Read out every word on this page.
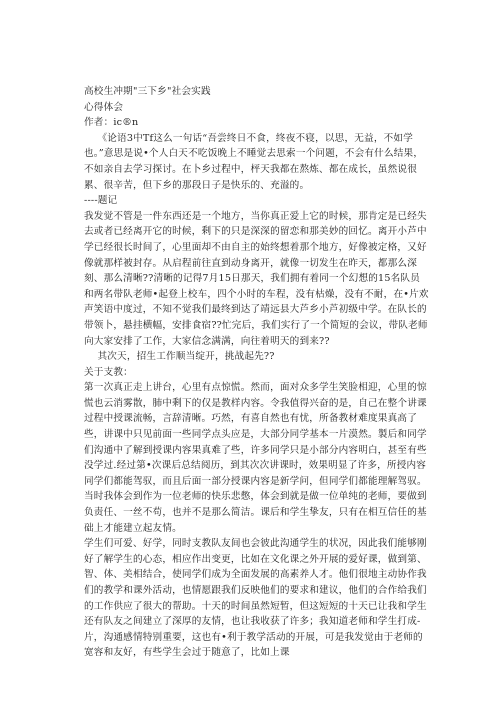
高校生冲期"三下乡"社会实践

心得体会

作者：ic®n

《论语3中Tf这么一句话“吾尝终日不食，终夜不寝，以思，无益，不如学也。”意思是说•个人白天不吃饭晚上不睡觉去思索一个问题，不会有什么结果，不如亲自去学习探讨。在卜乡过程中，枰天我都在熬炼、都在成长，虽然说很累、很辛苦，但下乡的那段日子是快乐的、充溢的。

----题记

我发觉不管是一件东西还是一个地方，当你真正爱上它的时候，那肯定是已经失去或者已经离开它的时候，剩下的只是深深的留恋和那美妙的回忆。离开小芦中学已经很长时间了，心里面却不由自主的始终想着那个地方，好像被定格，又好像就那样被封存。从启程前往直到动身离开，就像一切发生在昨天，都那么深刻、那么清晰??清晰的记得7月15日那天，我们拥有着同一个幻想的15名队员和两名带队老师•起登上校车，四个小时的车程，没有枯燥，没有不耐，在•片欢声笑语中度过，不知不觉我们最终到达了靖远县大芦乡小芦初级中学。在队长的带领卜，悬挂横幅，安排食宿??忙完后，我们实行了一个简短的会议，带队老师向大家安排了工作，大家信念满满，向往着明天的到来??

其次天，招生工作顺当绽开，挑战起先??

关于支教：

第一次真正走上讲台，心里有点惊慌。然而，面对众多学生笑脸相迎，心里的惊慌也云消雾散，肺中剩下的仅是教样内容。令我值得兴奋的是，自己在整个讲课过程中授课流畅，言辞清晰。巧然，有喜自然也有忧，所备教材难度果真高了些，讲课中只见前面一些同学点头应是，大部分同学基本一片漠然。製后和同学们沟通中了解到授课内容果真难了些，许多同学只是小部分内容明白，甚至有些没学过.经过第•次课后总结阅历，到其次次讲课时，效果明显了许多，所授内容同学们都能驾驭，而且后面一部分授课内容是新学问，但同学们都能理解驾驭。当时我体会到作为一位老师的快乐悲憋，体会到就是做一位单纯的老师，要做到负责任、一丝不苟，也并不是那么简洁。课后和学生挚友，只有在相互信任的基础上才能建立起友情。

学生们可爱、好学，同时支教队友间也会彼此沟通学生的状况，因此我们能够刚好了解学生的心态，相应作出变更，比如在文化课之外开展的爱好课，做到第、智、体、美相结合，使同学们成为全面发展的高素养人才。他们很地主动协作我们的教学和课外活动，也情愿跟我们反映他们的要求和建议，他们的合作给我们的工作供应了很大的帮助。十天的时间虽然短暂，但这短短的十天已让我和学生还有队友之间建立了深厚的友情，也让我收获了许多；我知道老师和学生打成-片，沟通感情特别重要，这也有•利于教学活动的开展，可是我发觉由于老师的宽容和友好，有些学生会过于随意了，比如上课
